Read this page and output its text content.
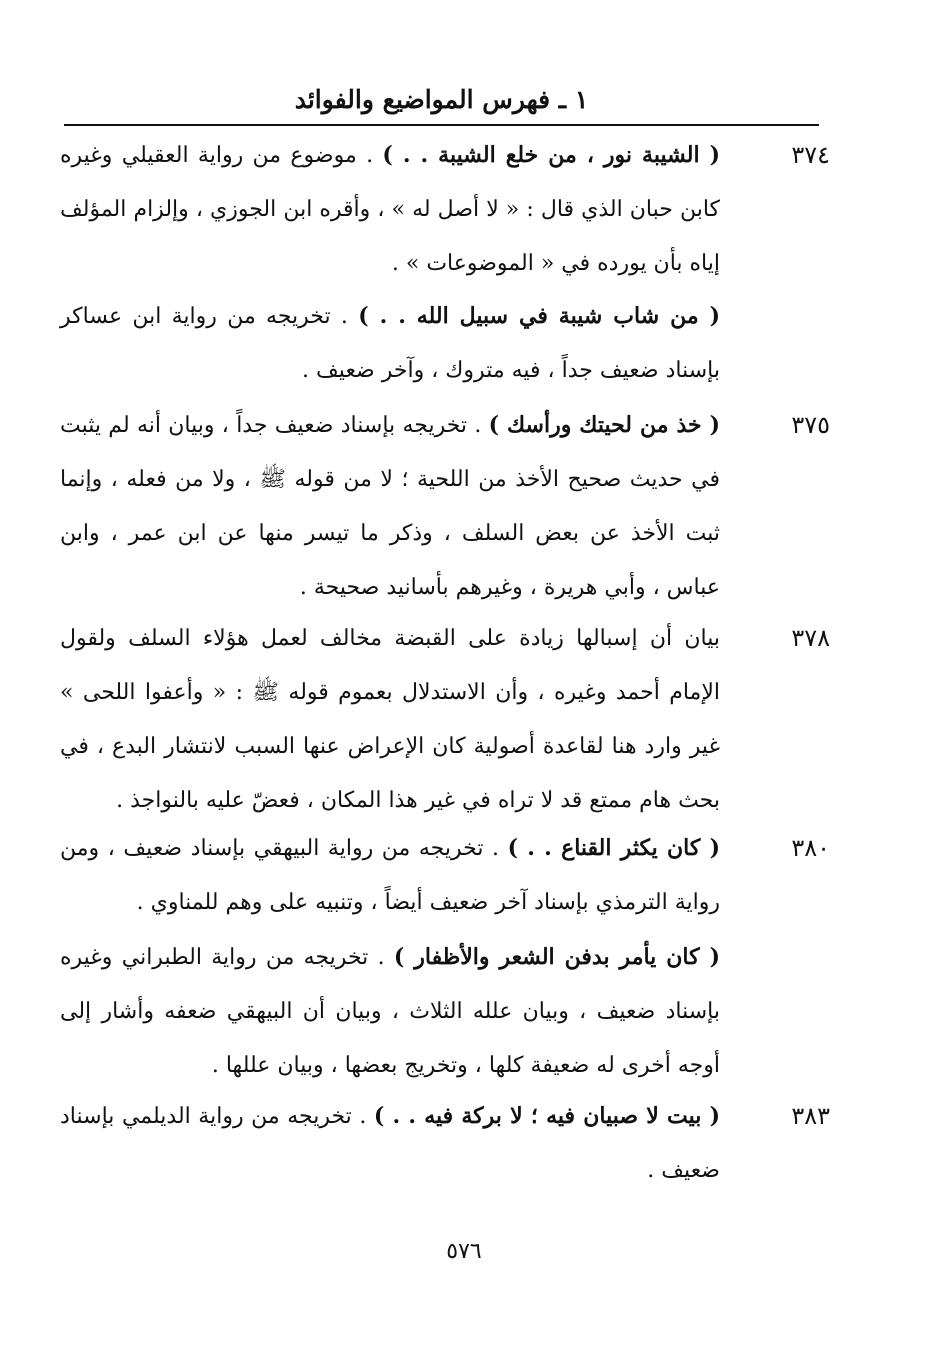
١ ـ فهرس المواضيع والفوائد
٣٧٤
( الشيبة نور ، من خلع الشيبة . . ) . موضوع من رواية العقيلي وغيره كابن حبان الذي قال : « لا أصل له » ، وأقره ابن الجوزي ، وإلزام المؤلف إياه بأن يورده في « الموضوعات » .
( من شاب شيبة في سبيل الله . . ) . تخريجه من رواية ابن عساكر بإسناد ضعيف جداً ، فيه متروك ، وآخر ضعيف .
٣٧٥
( خذ من لحيتك ورأسك ) . تخريجه بإسناد ضعيف جداً ، وبيان أنه لم يثبت في حديث صحيح الأخذ من اللحية ؛ لا من قوله ﷺ ، ولا من فعله ، وإنما ثبت الأخذ عن بعض السلف ، وذكر ما تيسر منها عن ابن عمر ، وابن عباس ، وأبي هريرة ، وغيرهم بأسانيد صحيحة .
٣٧٨
بيان أن إسبالها زيادة على القبضة مخالف لعمل هؤلاء السلف ولقول الإمام أحمد وغيره ، وأن الاستدلال بعموم قوله ﷺ : « وأعفوا اللحى » غير وارد هنا لقاعدة أصولية كان الإعراض عنها السبب لانتشار البدع ، في بحث هام ممتع قد لا تراه في غير هذا المكان ، فعضّ عليه بالنواجذ .
٣٨٠
( كان يكثر القناع . . ) . تخريجه من رواية البيهقي بإسناد ضعيف ، ومن رواية الترمذي بإسناد آخر ضعيف أيضاً ، وتنبيه على وهم للمناوي .
( كان يأمر بدفن الشعر والأظفار ) . تخريجه من رواية الطبراني وغيره بإسناد ضعيف ، وبيان علله الثلاث ، وبيان أن البيهقي ضعفه وأشار إلى أوجه أخرى له ضعيفة كلها ، وتخريج بعضها ، وبيان عللها .
٣٨٣
( بيت لا صبيان فيه ؛ لا بركة فيه . . ) . تخريجه من رواية الديلمي بإسناد ضعيف .
٥٧٦
